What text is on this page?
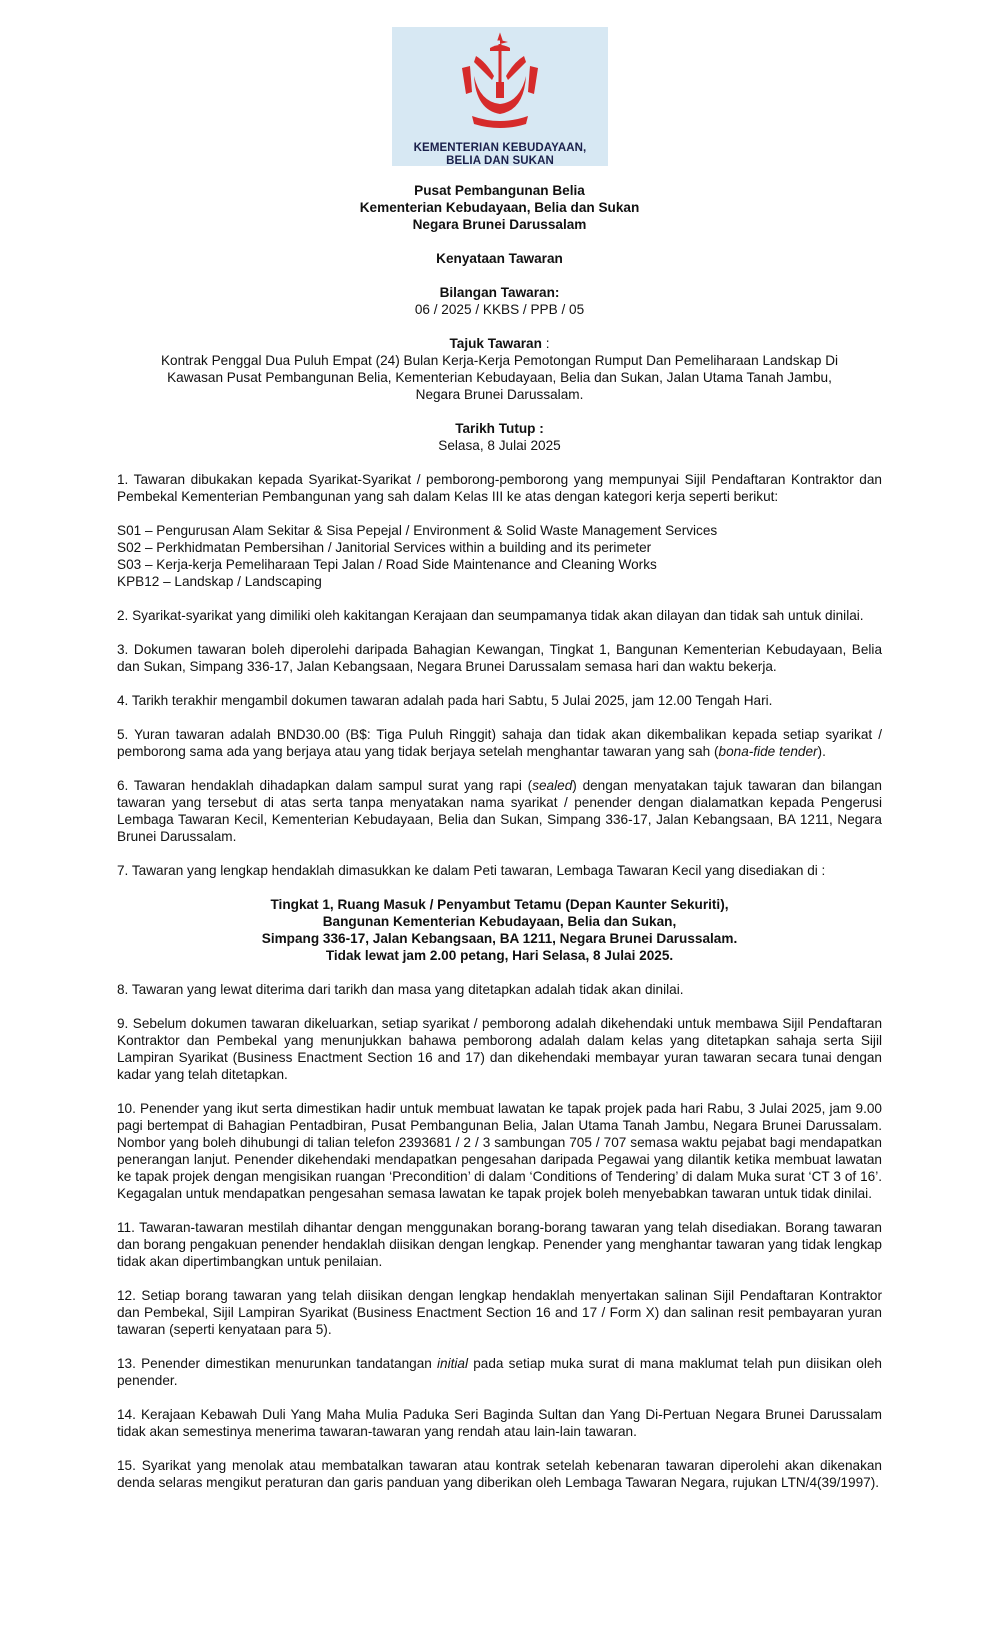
KEMENTERIAN KEBUDAYAAN,
BELIA DAN SUKAN
Pusat Pembangunan Belia
Kementerian Kebudayaan, Belia dan Sukan
Negara Brunei Darussalam
Kenyataan Tawaran
Bilangan Tawaran:
06 / 2025 / KKBS / PPB / 05
Tajuk Tawaran :
Kontrak Penggal Dua Puluh Empat (24) Bulan Kerja-Kerja Pemotongan Rumput Dan Pemeliharaan Landskap Di
Kawasan Pusat Pembangunan Belia, Kementerian Kebudayaan, Belia dan Sukan, Jalan Utama Tanah Jambu,
Negara Brunei Darussalam.
Tarikh Tutup :
Selasa, 8 Julai 2025

1. Tawaran dibukakan kepada Syarikat-Syarikat / pemborong-pemborong yang mempunyai Sijil Pendaftaran Kontraktor dan Pembekal Kementerian Pembangunan yang sah dalam Kelas III ke atas dengan kategori kerja seperti berikut:

S01 – Pengurusan Alam Sekitar & Sisa Pepejal / Environment & Solid Waste Management Services

S02 – Perkhidmatan Pembersihan / Janitorial Services within a building and its perimeter

S03 – Kerja-kerja Pemeliharaan Tepi Jalan / Road Side Maintenance and Cleaning Works

KPB12 – Landskap / Landscaping

2. Syarikat-syarikat yang dimiliki oleh kakitangan Kerajaan dan seumpamanya tidak akan dilayan dan tidak sah untuk dinilai.

3. Dokumen tawaran boleh diperolehi daripada Bahagian Kewangan, Tingkat 1, Bangunan Kementerian Kebudayaan, Belia dan Sukan, Simpang 336-17, Jalan Kebangsaan, Negara Brunei Darussalam semasa hari dan waktu bekerja.

4. Tarikh terakhir mengambil dokumen tawaran adalah pada hari Sabtu, 5 Julai 2025, jam 12.00 Tengah Hari.

5. Yuran tawaran adalah BND30.00 (B$: Tiga Puluh Ringgit) sahaja dan tidak akan dikembalikan kepada setiap syarikat / pemborong sama ada yang berjaya atau yang tidak berjaya setelah menghantar tawaran yang sah (bona-fide tender).

6. Tawaran hendaklah dihadapkan dalam sampul surat yang rapi (sealed) dengan menyatakan tajuk tawaran dan bilangan tawaran yang tersebut di atas serta tanpa menyatakan nama syarikat / penender dengan dialamatkan kepada Pengerusi Lembaga Tawaran Kecil, Kementerian Kebudayaan, Belia dan Sukan, Simpang 336-17, Jalan Kebangsaan, BA 1211, Negara Brunei Darussalam.

7. Tawaran yang lengkap hendaklah dimasukkan ke dalam Peti tawaran, Lembaga Tawaran Kecil yang disediakan di :

Tingkat 1, Ruang Masuk / Penyambut Tetamu (Depan Kaunter Sekuriti),
Bangunan Kementerian Kebudayaan, Belia dan Sukan,
Simpang 336-17, Jalan Kebangsaan, BA 1211, Negara Brunei Darussalam.
Tidak lewat jam 2.00 petang, Hari Selasa, 8 Julai 2025.

8. Tawaran yang lewat diterima dari tarikh dan masa yang ditetapkan adalah tidak akan dinilai.

9. Sebelum dokumen tawaran dikeluarkan, setiap syarikat / pemborong adalah dikehendaki untuk membawa Sijil Pendaftaran Kontraktor dan Pembekal yang menunjukkan bahawa pemborong adalah dalam kelas yang ditetapkan sahaja serta Sijil Lampiran Syarikat (Business Enactment Section 16 and 17) dan dikehendaki membayar yuran tawaran secara tunai dengan kadar yang telah ditetapkan.

10. Penender yang ikut serta dimestikan hadir untuk membuat lawatan ke tapak projek pada hari Rabu, 3 Julai 2025, jam 9.00 pagi bertempat di Bahagian Pentadbiran, Pusat Pembangunan Belia, Jalan Utama Tanah Jambu, Negara Brunei Darussalam. Nombor yang boleh dihubungi di talian telefon 2393681 / 2 / 3 sambungan 705 / 707 semasa waktu pejabat bagi mendapatkan penerangan lanjut. Penender dikehendaki mendapatkan pengesahan daripada Pegawai yang dilantik ketika membuat lawatan ke tapak projek dengan mengisikan ruangan ‘Precondition’ di dalam ‘Conditions of Tendering’ di dalam Muka surat ‘CT 3 of 16’. Kegagalan untuk mendapatkan pengesahan semasa lawatan ke tapak projek boleh menyebabkan tawaran untuk tidak dinilai.

11. Tawaran-tawaran mestilah dihantar dengan menggunakan borang-borang tawaran yang telah disediakan. Borang tawaran dan borang pengakuan penender hendaklah diisikan dengan lengkap. Penender yang menghantar tawaran yang tidak lengkap tidak akan dipertimbangkan untuk penilaian.

12. Setiap borang tawaran yang telah diisikan dengan lengkap hendaklah menyertakan salinan Sijil Pendaftaran Kontraktor dan Pembekal, Sijil Lampiran Syarikat (Business Enactment Section 16 and 17 / Form X) dan salinan resit pembayaran yuran tawaran (seperti kenyataan para 5).

13. Penender dimestikan menurunkan tandatangan initial pada setiap muka surat di mana maklumat telah pun diisikan oleh penender.

14. Kerajaan Kebawah Duli Yang Maha Mulia Paduka Seri Baginda Sultan dan Yang Di-Pertuan Negara Brunei Darussalam tidak akan semestinya menerima tawaran-tawaran yang rendah atau lain-lain tawaran.

15. Syarikat yang menolak atau membatalkan tawaran atau kontrak setelah kebenaran tawaran diperolehi akan dikenakan denda selaras mengikut peraturan dan garis panduan yang diberikan oleh Lembaga Tawaran Negara, rujukan LTN/4(39/1997).
